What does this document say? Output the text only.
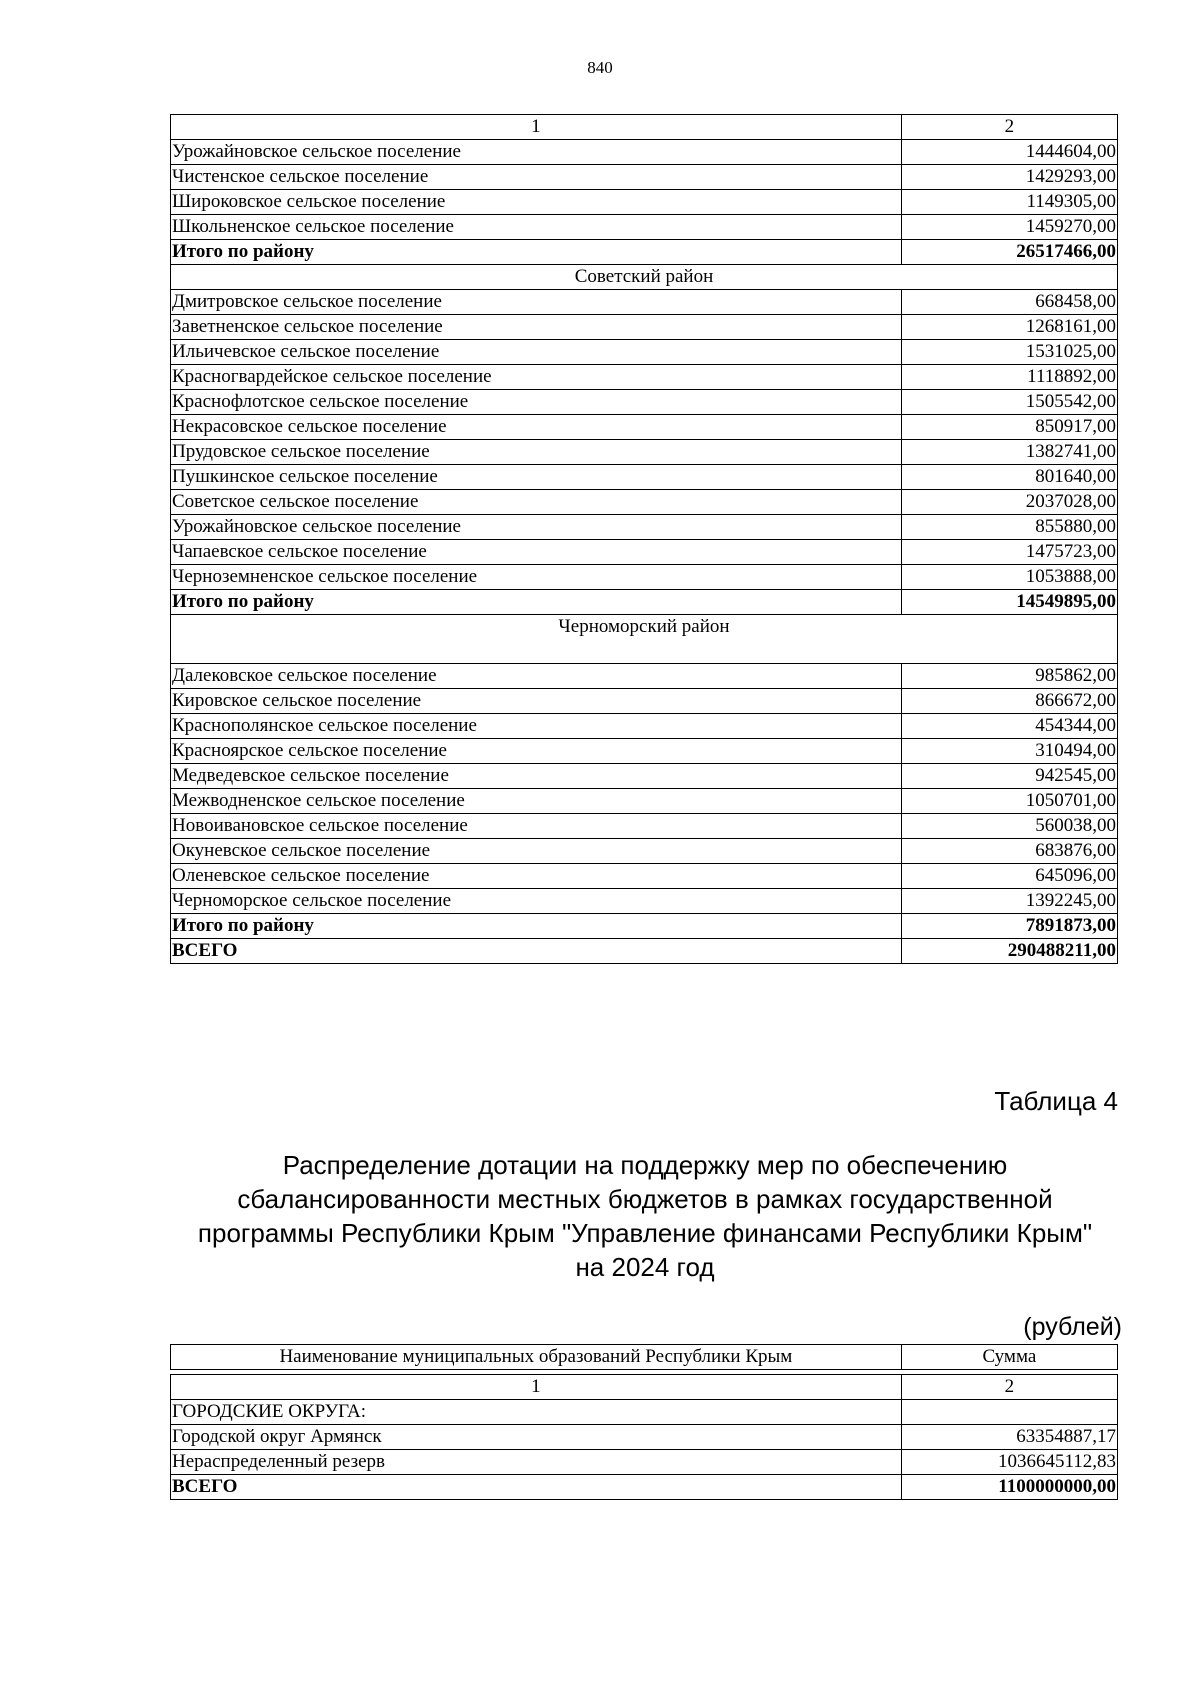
840
1	2
Урожайновское сельское поселение	1444604,00
Чистенское сельское поселение	1429293,00
Широковское сельское поселение	1149305,00
Школьненское сельское поселение	1459270,00
Итого по району	26517466,00
Советский район	
Дмитровское сельское поселение	668458,00
Заветненское сельское поселение	1268161,00
Ильичевское сельское поселение	1531025,00
Красногвардейское сельское поселение	1118892,00
Краснофлотское сельское поселение	1505542,00
Некрасовское сельское поселение	850917,00
Прудовское сельское поселение	1382741,00
Пушкинское сельское поселение	801640,00
Советское сельское поселение	2037028,00
Урожайновское сельское поселение	855880,00
Чапаевское сельское поселение	1475723,00
Черноземненское сельское поселение	1053888,00
Итого по району	14549895,00
Черноморский район	
Далековское сельское поселение	985862,00
Кировское сельское поселение	866672,00
Краснополянское сельское поселение	454344,00
Красноярское сельское поселение	310494,00
Медведевское сельское поселение	942545,00
Межводненское сельское поселение	1050701,00
Новоивановское сельское поселение	560038,00
Окуневское сельское поселение	683876,00
Оленевское сельское поселение	645096,00
Черноморское сельское поселение	1392245,00
Итого по району	7891873,00
ВСЕГО	290488211,00
Таблица 4
Распределение дотации на поддержку мер по обеспечению сбалансированности местных бюджетов в рамках государственной программы Республики Крым "Управление финансами Республики Крым" на 2024 год
(рублей)
Наименование муниципальных образований Республики Крым	Сумма
1	2
ГОРОДСКИЕ ОКРУГА:	
Городской округ Армянск	63354887,17
Нераспределенный резерв	1036645112,83
ВСЕГО	1100000000,00
